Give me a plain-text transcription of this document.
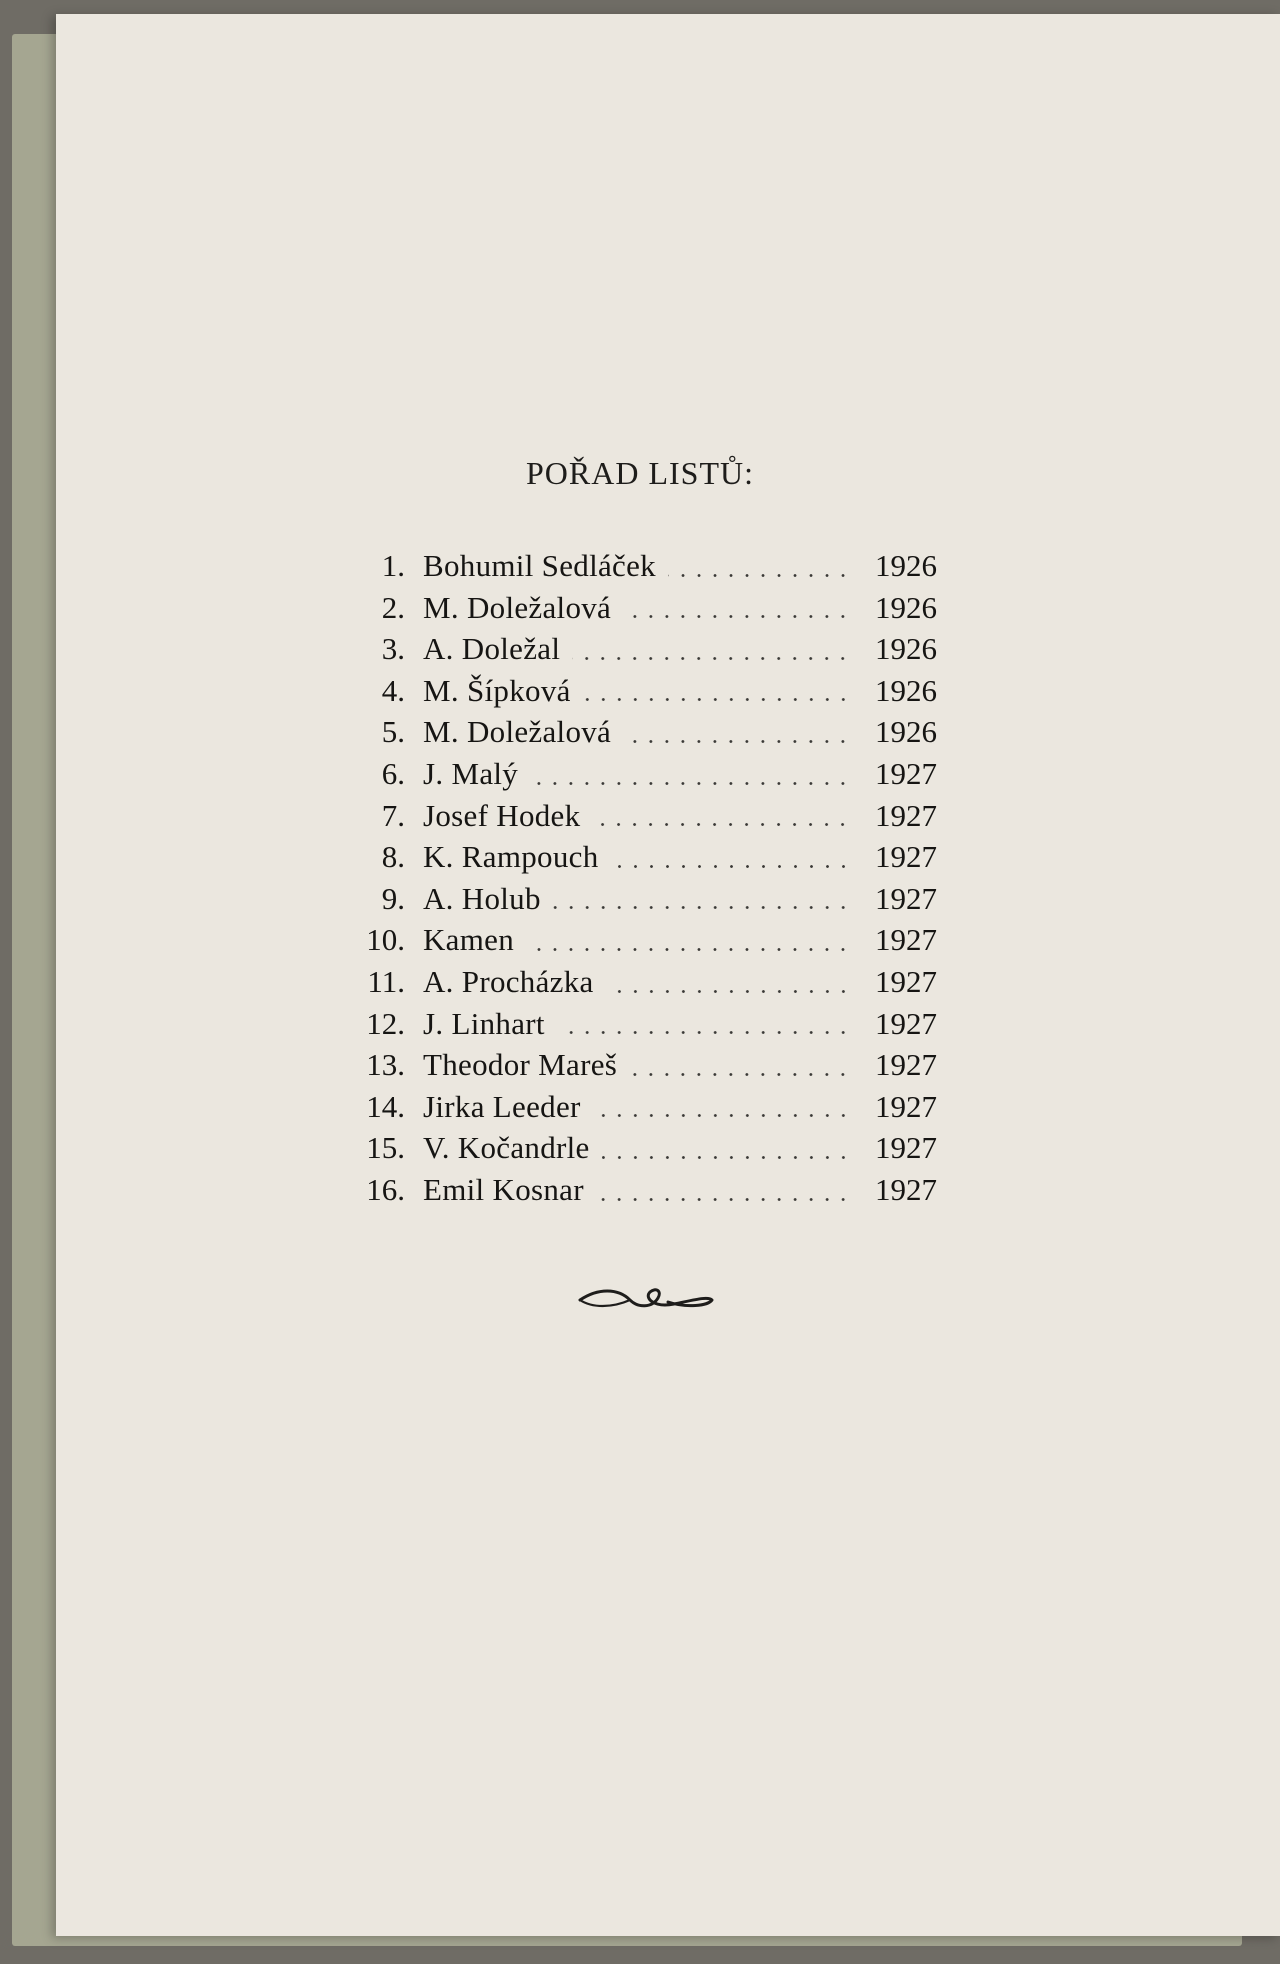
POŘAD LISTŮ:
1. Bohumil Sedláček	1926
2. M. Doležalová	1926
3. A. Doležal	1926
4. M. Šípková	1926
5. M. Doležalová	1926
6. J. Malý	1927
7. Josef Hodek	1927
8. K. Rampouch	1927
9. A. Holub	1927
10. Kamen	1927
11. A. Procházka	1927
12. J. Linhart	1927
13. Theodor Mareš	1927
14. Jirka Leeder	1927
15. V. Kočandrle	1927
16. Emil Kosnar	1927
